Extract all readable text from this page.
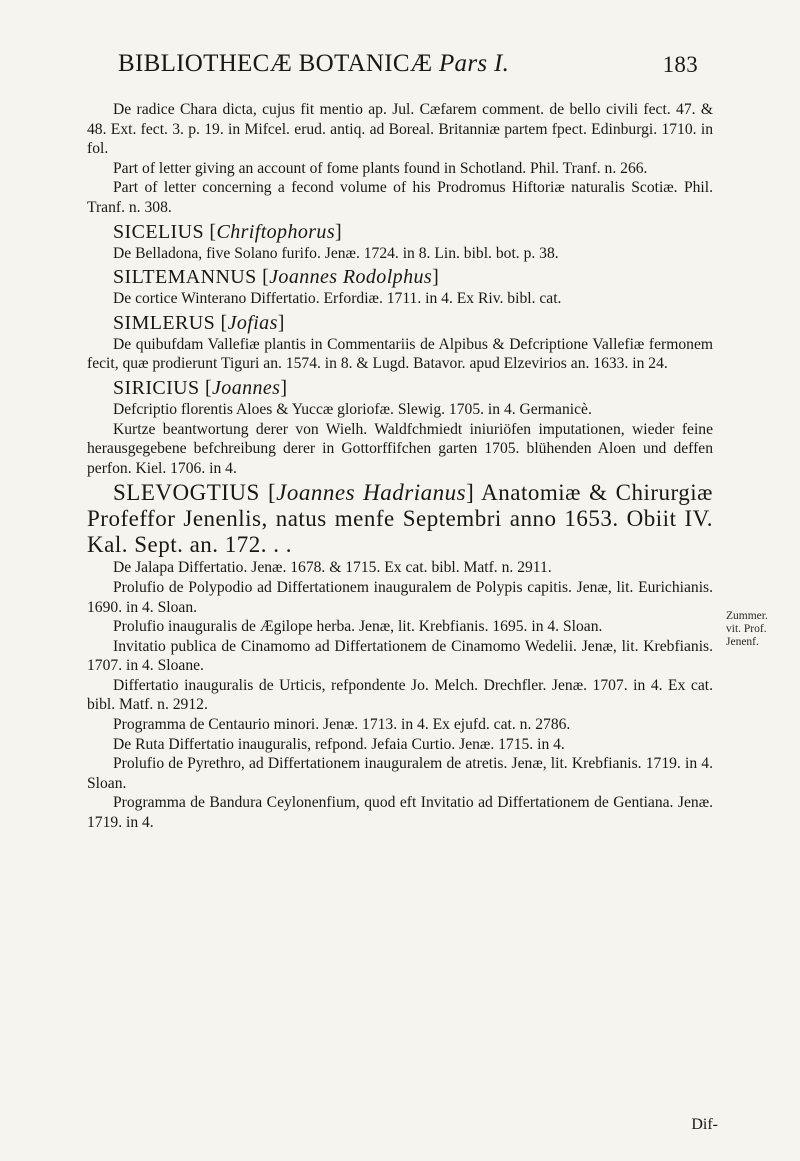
BIBLIOTHECÆ BOTANICÆ Pars I.	183

De radice Chara dicta, cujus fit mentio ap. Jul. Cæfarem comment. de bello civili fect. 47. & 48. Ext. fect. 3. p. 19. in Mifcel. erud. antiq. ad Boreal. Britanniæ partem fpect. Edinburgi. 1710. in fol.

Part of letter giving an account of fome plants found in Schotland. Phil. Tranf. n. 266.

Part of letter concerning a fecond volume of his Prodromus Hiftoriæ naturalis Scotiæ. Phil. Tranf. n. 308.

SICELIUS [Chriftophorus]

De Belladona, five Solano furifo. Jenæ. 1724. in 8. Lin. bibl. bot. p. 38.

SILTEMANNUS [Joannes Rodolphus]

De cortice Winterano Differtatio. Erfordiæ. 1711. in 4. Ex Riv. bibl. cat.

SIMLERUS [Jofias]

De quibufdam Vallefiæ plantis in Commentariis de Alpibus & Defcriptione Vallefiæ fermonem fecit, quæ prodierunt Tiguri an. 1574. in 8. & Lugd. Batavor. apud Elzevirios an. 1633. in 24.

SIRICIUS [Joannes]

Defcriptio florentis Aloes & Yuccæ gloriofæ. Slewig. 1705. in 4. Germanicè.

Kurtze beantwortung derer von Wielh. Waldfchmiedt iniuriöfen imputationen, wieder feine herausgegebene befchreibung derer in Gottorffifchen garten 1705. blühenden Aloen und deffen perfon. Kiel. 1706. in 4.

SLEVOGTIUS [Joannes Hadrianus] Anatomiæ & Chirurgiæ Profeffor Jenenlis, natus menfe Septembri anno 1653. Obiit IV. Kal. Sept. an. 172. . .

De Jalapa Differtatio. Jenæ. 1678. & 1715. Ex cat. bibl. Matf. n. 2911.

Prolufio de Polypodio ad Differtationem inauguralem de Polypis capitis. Jenæ, lit. Eurichianis. 1690. in 4. Sloan.

Prolufio inauguralis de Ægilope herba. Jenæ, lit. Krebfianis. 1695. in 4. Sloan.

Invitatio publica de Cinamomo ad Differtationem de Cinamomo Wedelii. Jenæ, lit. Krebfianis. 1707. in 4. Sloane.

Differtatio inauguralis de Urticis, refpondente Jo. Melch. Drechfler. Jenæ. 1707. in 4. Ex cat. bibl. Matf. n. 2912.

Programma de Centaurio minori. Jenæ. 1713. in 4. Ex ejufd. cat. n. 2786.

De Ruta Differtatio inauguralis, refpond. Jefaia Curtio. Jenæ. 1715. in 4.

Prolufio de Pyrethro, ad Differtationem inauguralem de atretis. Jenæ, lit. Krebfianis. 1719. in 4. Sloan.

Programma de Bandura Ceylonenfium, quod eft Invitatio ad Differtationem de Gentiana. Jenæ. 1719. in 4.

Zummer.
vit. Prof.
Jenenf.
Dif-
